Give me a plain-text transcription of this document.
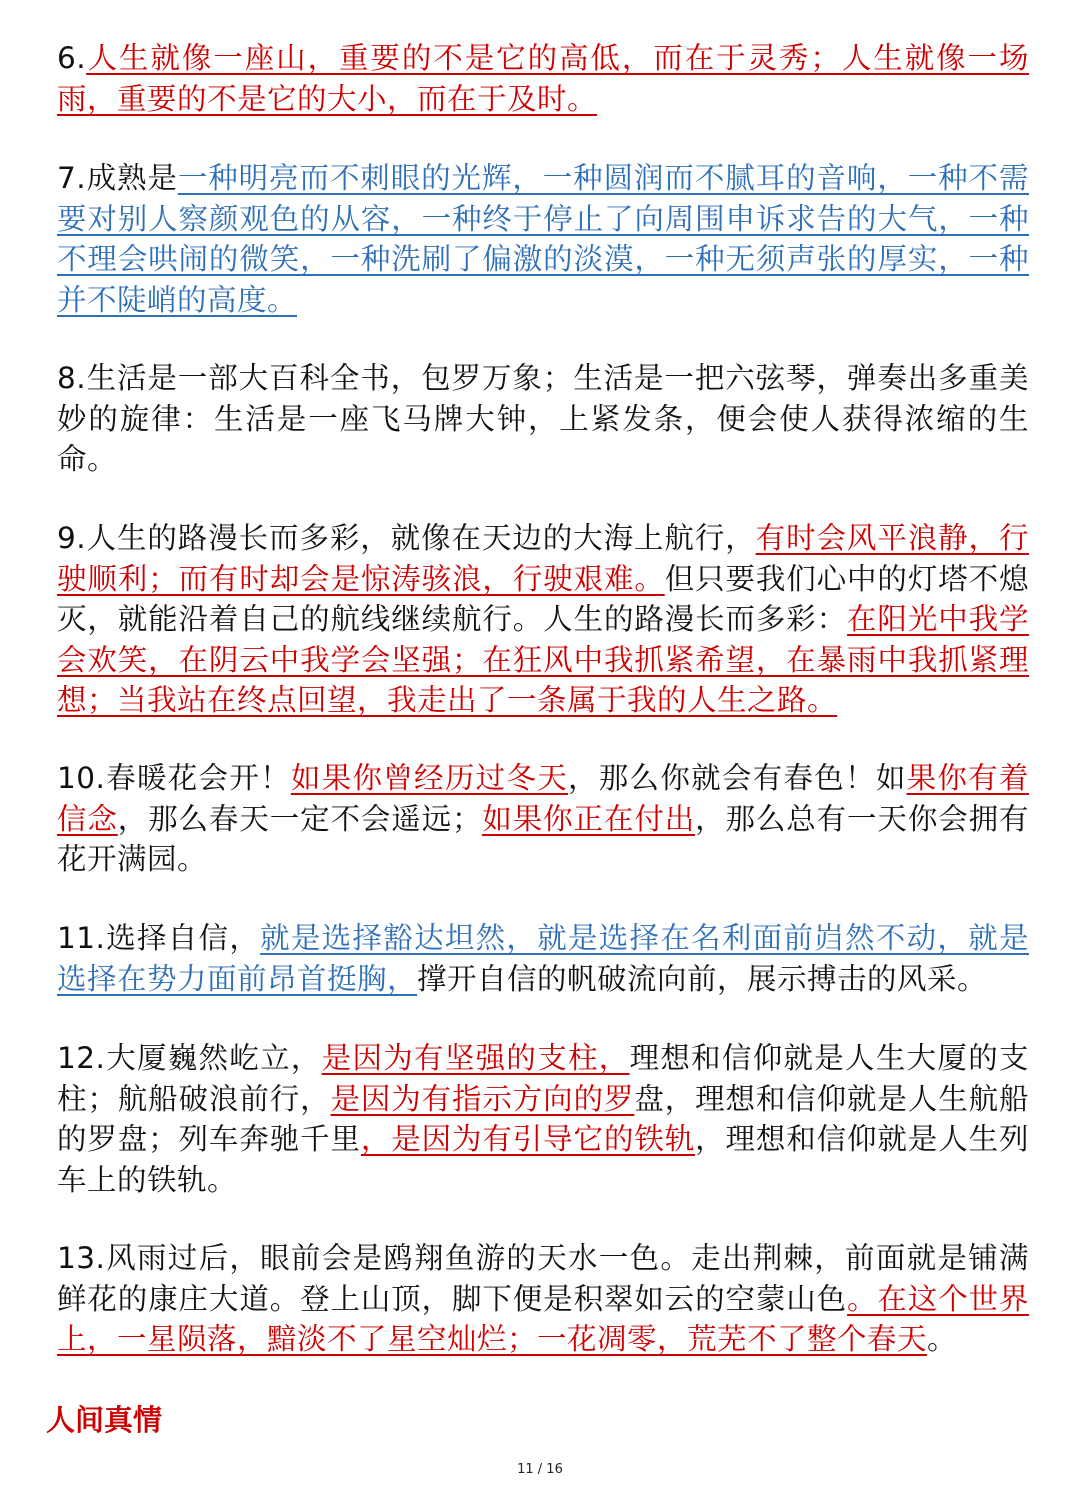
6.人生就像一座山，重要的不是它的高低，而在于灵秀；人生就像一场雨，重要的不是它的大小，而在于及时。

7.成熟是一种明亮而不刺眼的光辉，一种圆润而不腻耳的音响，一种不需要对别人察颜观色的从容，一种终于停止了向周围申诉求告的大气，一种不理会哄闹的微笑，一种洗刷了偏激的淡漠，一种无须声张的厚实，一种并不陡峭的高度。

8.生活是一部大百科全书，包罗万象；生活是一把六弦琴，弹奏出多重美妙的旋律：生活是一座飞马牌大钟，上紧发条，便会使人获得浓缩的生命。

9.人生的路漫长而多彩，就像在天边的大海上航行，有时会风平浪静，行驶顺利；而有时却会是惊涛骇浪，行驶艰难。但只要我们心中的灯塔不熄灭，就能沿着自己的航线继续航行。人生的路漫长而多彩：在阳光中我学会欢笑，在阴云中我学会坚强；在狂风中我抓紧希望，在暴雨中我抓紧理想；当我站在终点回望，我走出了一条属于我的人生之路。

10.春暖花会开！如果你曾经历过冬天，那么你就会有春色！如果你有着信念，那么春天一定不会遥远；如果你正在付出，那么总有一天你会拥有花开满园。

11.选择自信，就是选择豁达坦然，就是选择在名利面前岿然不动，就是选择在势力面前昂首挺胸，撑开自信的帆破流向前，展示搏击的风采。

12.大厦巍然屹立，是因为有坚强的支柱，理想和信仰就是人生大厦的支柱；航船破浪前行，是因为有指示方向的罗盘，理想和信仰就是人生航船的罗盘；列车奔驰千里，是因为有引导它的铁轨，理想和信仰就是人生列车上的铁轨。

13.风雨过后，眼前会是鸥翔鱼游的天水一色。走出荆棘，前面就是铺满鲜花的康庄大道。登上山顶，脚下便是积翠如云的空蒙山色。在这个世界上，一星陨落，黯淡不了星空灿烂；一花凋零，荒芜不了整个春天。

人间真情
11 / 16
